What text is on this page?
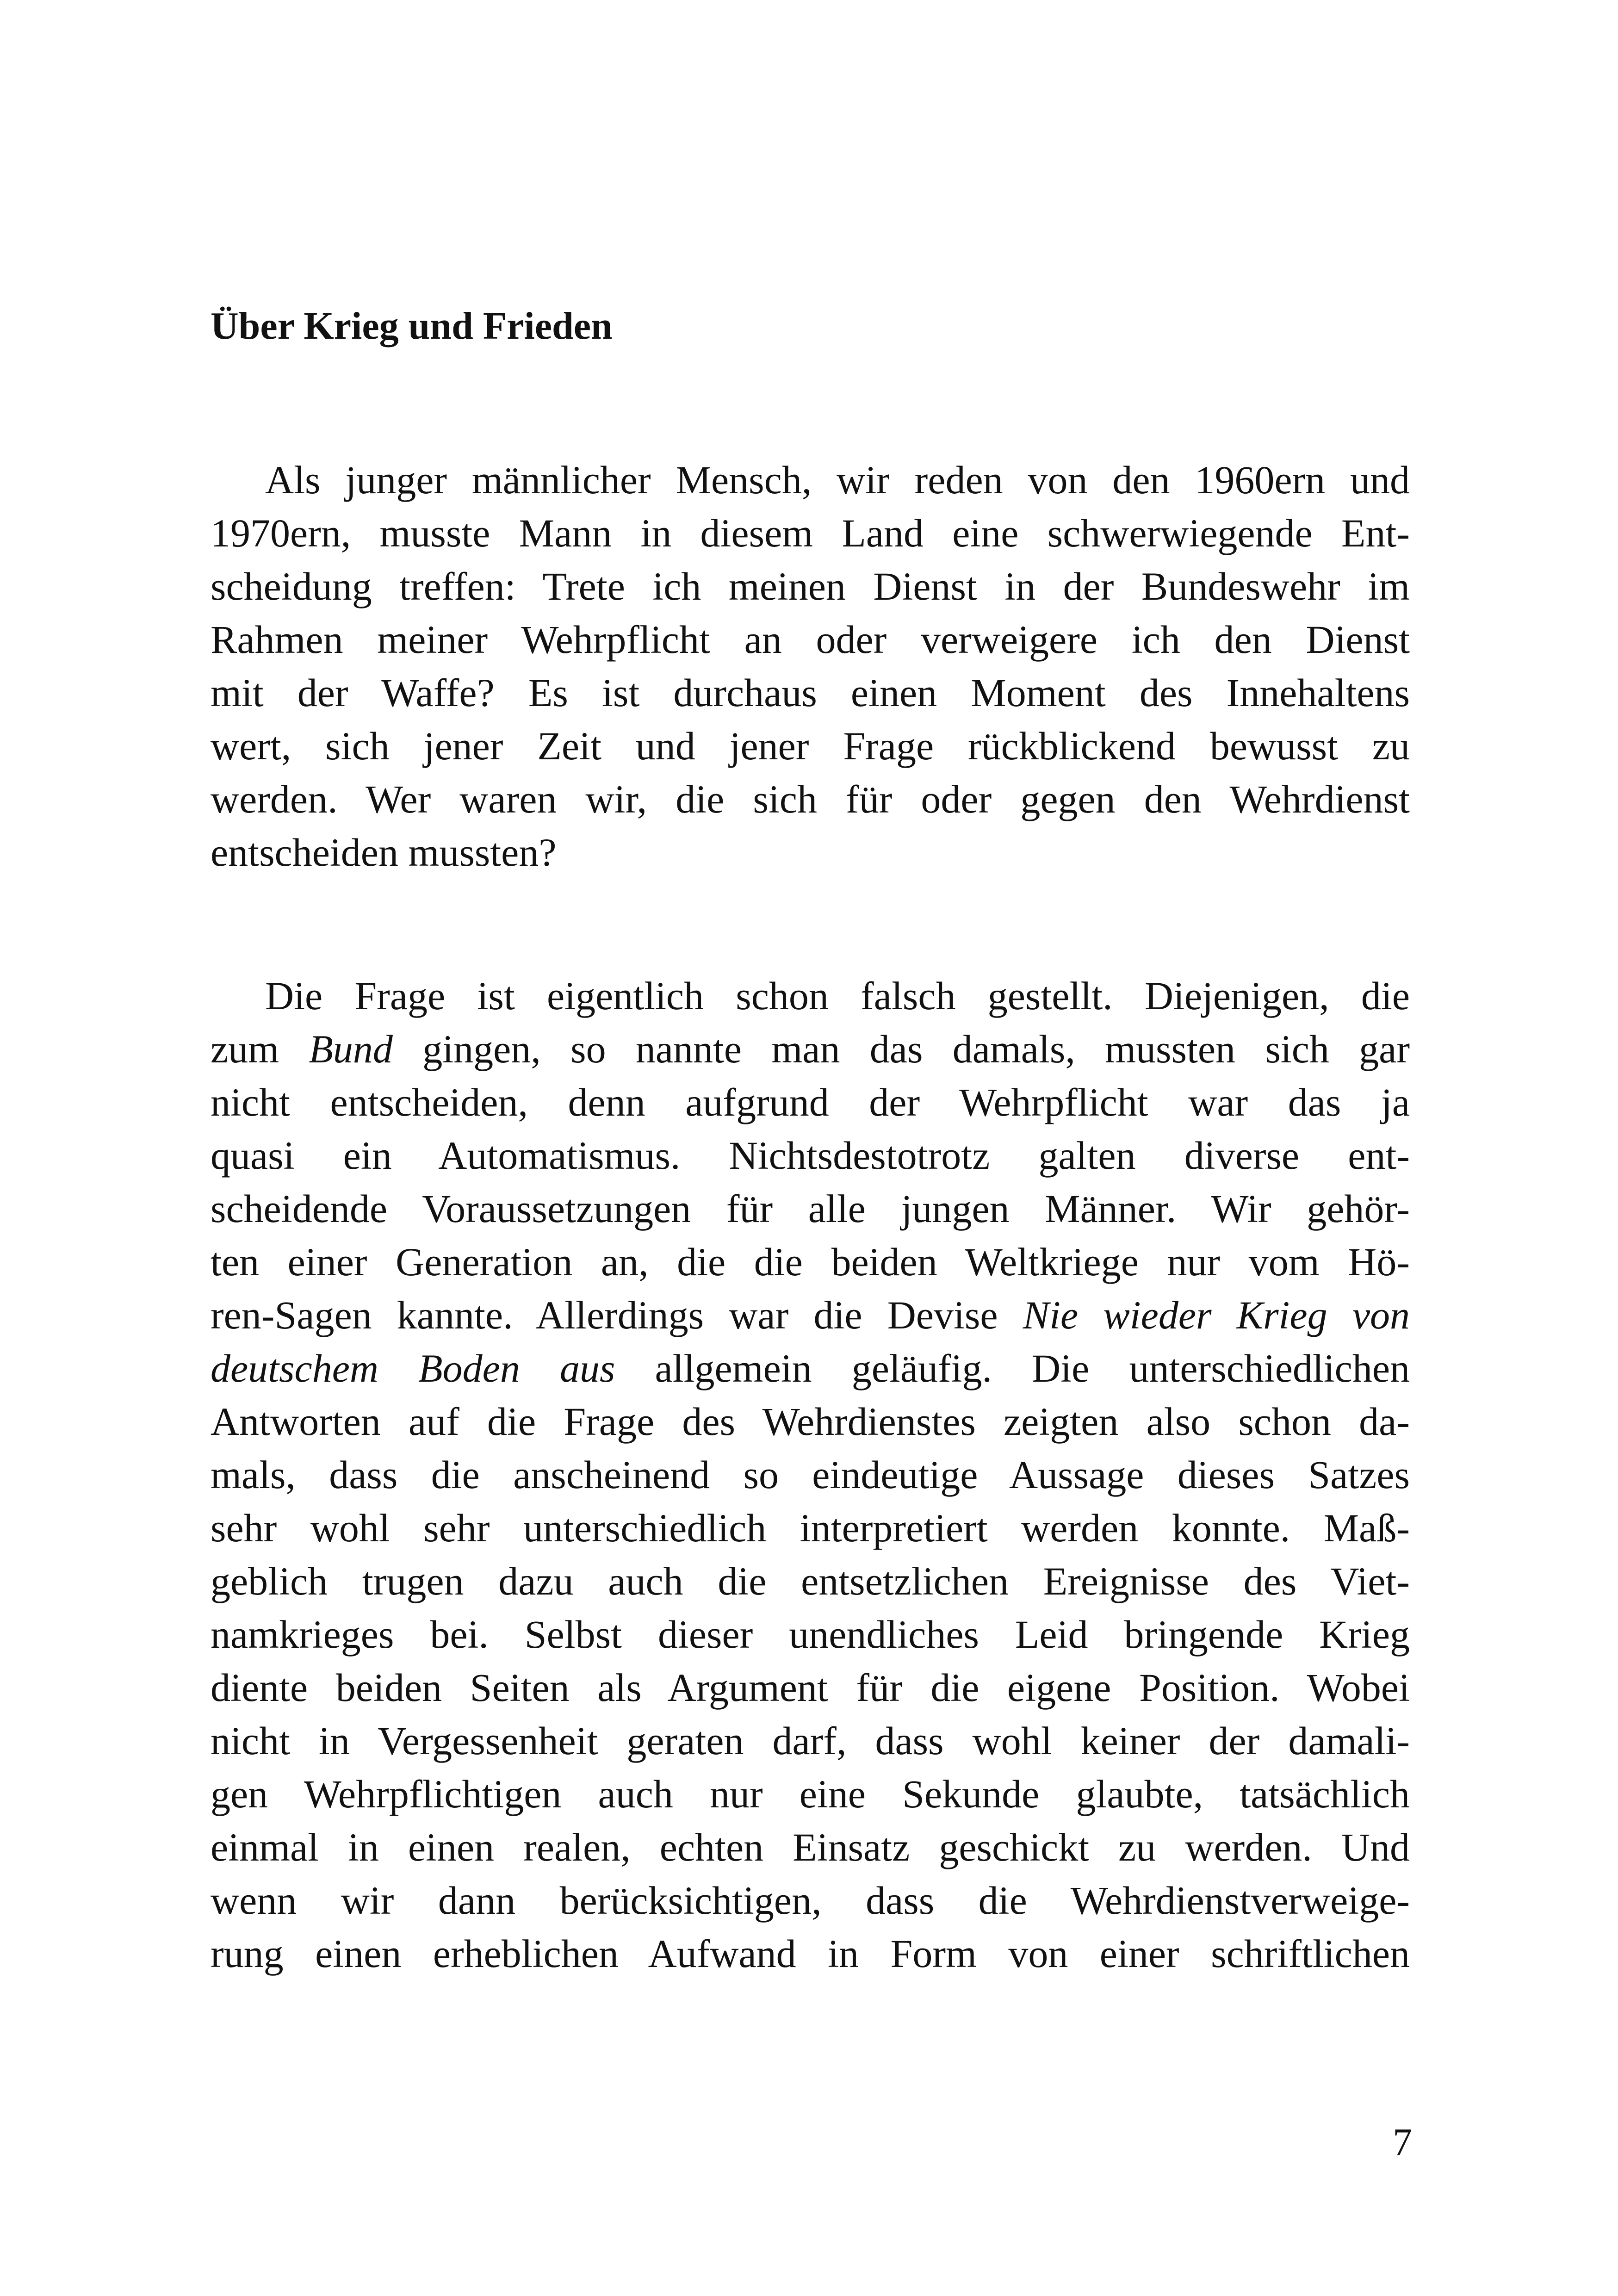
Über Krieg und Frieden
Als junger männlicher Mensch, wir reden von den 1960ern und
1970ern, musste Mann in diesem Land eine schwerwiegende Ent-
scheidung treffen: Trete ich meinen Dienst in der Bundeswehr im
Rahmen meiner Wehrpflicht an oder verweigere ich den Dienst
mit der Waffe? Es ist durchaus einen Moment des Innehaltens
wert, sich jener Zeit und jener Frage rückblickend bewusst zu
werden. Wer waren wir, die sich für oder gegen den Wehrdienst
entscheiden mussten?
Die Frage ist eigentlich schon falsch gestellt. Diejenigen, die
zum Bund gingen, so nannte man das damals, mussten sich gar
nicht entscheiden, denn aufgrund der Wehrpflicht war das ja
quasi ein Automatismus. Nichtsdestotrotz galten diverse ent-
scheidende Voraussetzungen für alle jungen Männer. Wir gehör-
ten einer Generation an, die die beiden Weltkriege nur vom Hö-
ren-Sagen kannte. Allerdings war die Devise Nie wieder Krieg von
deutschem Boden aus allgemein geläufig. Die unterschiedlichen
Antworten auf die Frage des Wehrdienstes zeigten also schon da-
mals, dass die anscheinend so eindeutige Aussage dieses Satzes
sehr wohl sehr unterschiedlich interpretiert werden konnte. Maß-
geblich trugen dazu auch die entsetzlichen Ereignisse des Viet-
namkrieges bei. Selbst dieser unendliches Leid bringende Krieg
diente beiden Seiten als Argument für die eigene Position. Wobei
nicht in Vergessenheit geraten darf, dass wohl keiner der damali-
gen Wehrpflichtigen auch nur eine Sekunde glaubte, tatsächlich
einmal in einen realen, echten Einsatz geschickt zu werden. Und
wenn wir dann berücksichtigen, dass die Wehrdienstverweige-
rung einen erheblichen Aufwand in Form von einer schriftlichen
7
